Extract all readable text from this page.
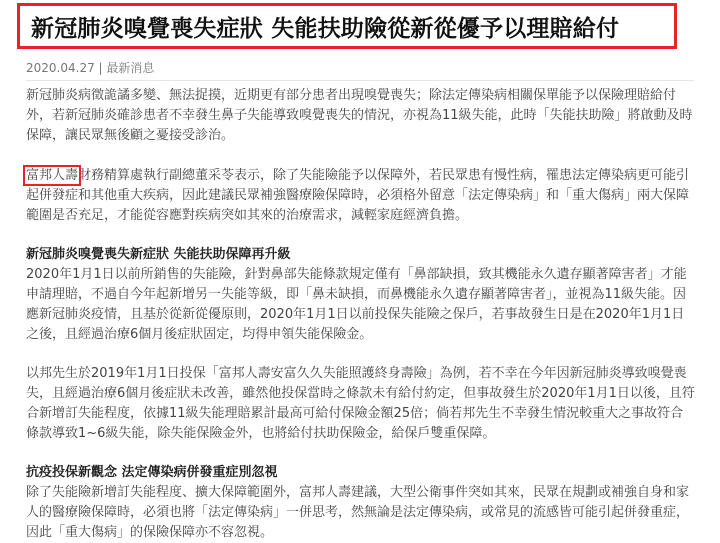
新冠肺炎嗅覺喪失症狀 失能扶助險從新從優予以理賠給付
2020.04.27 | 最新消息

新冠肺炎病徵詭譎多變、無法捉摸，近期更有部分患者出現嗅覺喪失；除法定傳染病相關保單能予以保險理賠給付外，若新冠肺炎確診患者不幸發生鼻子失能導致嗅覺喪失的情況，亦視為11級失能，此時「失能扶助險」將啟動及時保障，讓民眾無後顧之憂接受診治。

富邦人壽財務精算處執行副總董采苓表示，除了失能險能予以保障外，若民眾患有慢性病，罹患法定傳染病更可能引起併發症和其他重大疾病，因此建議民眾補強醫療險保障時，必須格外留意「法定傳染病」和「重大傷病」兩大保障範圍是否充足，才能從容應對疾病突如其來的治療需求，減輕家庭經濟負擔。

新冠肺炎嗅覺喪失新症狀 失能扶助保障再升級

2020年1月1日以前所銷售的失能險，針對鼻部失能條款規定僅有「鼻部缺損，致其機能永久遺存顯著障害者」才能申請理賠，不過自今年起新增另一失能等級，即「鼻未缺損，而鼻機能永久遺存顯著障害者」，並視為11級失能。因應新冠肺炎疫情，且基於從新從優原則，2020年1月1日以前投保失能險之保戶，若事故發生日是在2020年1月1日之後，且經過治療6個月後症狀固定，均得申領失能保險金。

以邦先生於2019年1月1日投保「富邦人壽安富久久失能照護終身壽險」為例，若不幸在今年因新冠肺炎導致嗅覺喪失，且經過治療6個月後症狀未改善，雖然他投保當時之條款未有給付約定，但事故發生於2020年1月1日以後，且符合新增訂失能程度，依據11級失能理賠累計最高可給付保險金額25倍；倘若邦先生不幸發生情況較重大之事故符合條款導致1~6級失能，除失能保險金外，也將給付扶助保險金，給保戶雙重保障。

抗疫投保新觀念 法定傳染病併發重症別忽視

除了失能險新增訂失能程度、擴大保障範圍外，富邦人壽建議，大型公衛事件突如其來，民眾在規劃或補強自身和家人的醫療險保障時，必須也將「法定傳染病」一併思考，然無論是法定傳染病，或常見的流感皆可能引起併發重症，因此「重大傷病」的保險保障亦不容忽視。
